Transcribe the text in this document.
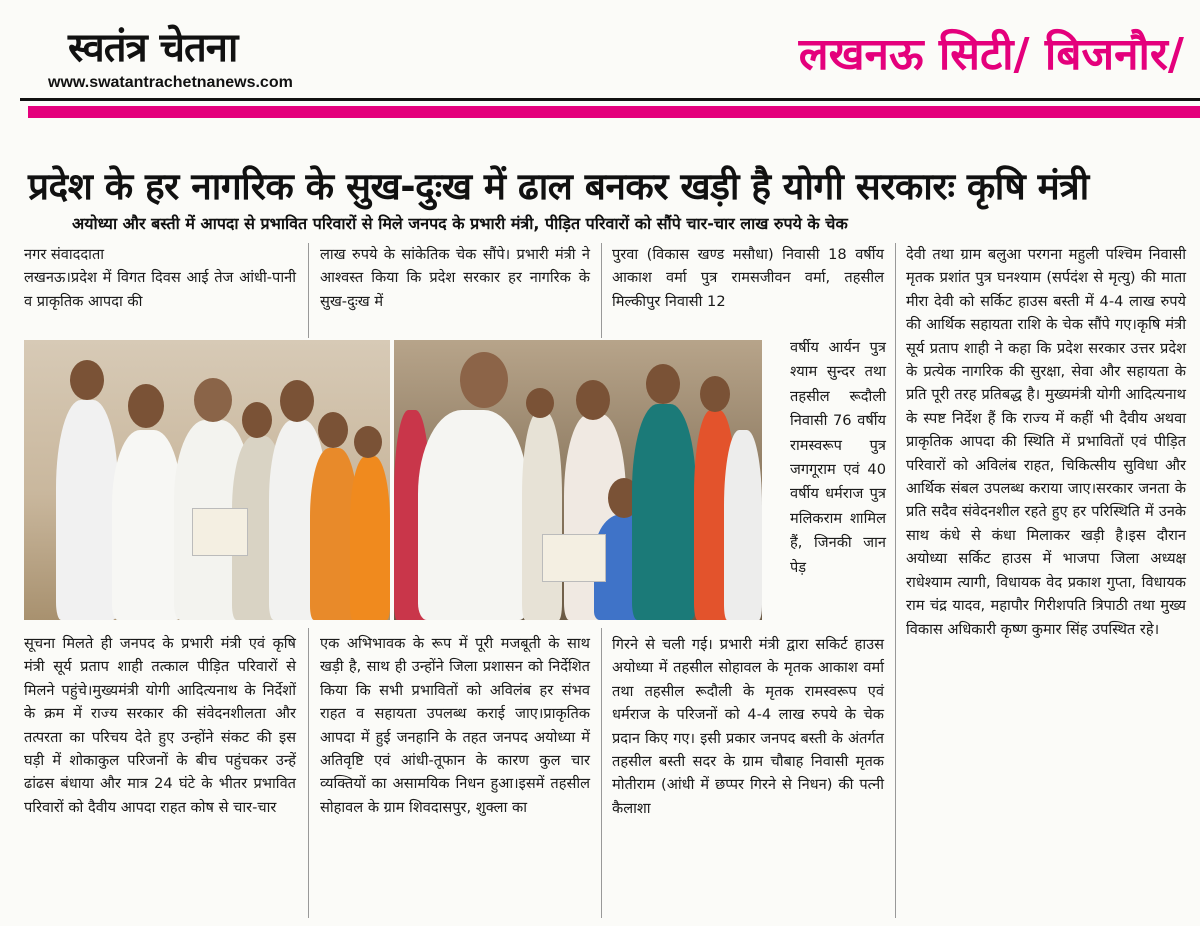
स्वतंत्र चेतना
www.swatantrachetnanews.com
लखनऊ सिटी/ बिजनौर/
प्रदेश के हर नागरिक के सुख-दुःख में ढाल बनकर खड़ी है योगी सरकारः कृषि मंत्री
अयोध्या और बस्ती में आपदा से प्रभावित परिवारों से मिले जनपद के प्रभारी मंत्री, पीड़ित परिवारों को सौंपे चार-चार लाख रुपये के चेक

नगर संवाददाता

लखनऊ।प्रदेश में विगत दिवस आई तेज आंधी-पानी व प्राकृतिक आपदा की

लाख रुपये के सांकेतिक चेक सौंपे। प्रभारी मंत्री ने आश्वस्त किया कि प्रदेश सरकार हर नागरिक के सुख-दुःख में

पुरवा (विकास खण्ड मसौधा) निवासी 18 वर्षीय आकाश वर्मा पुत्र रामसजीवन वर्मा, तहसील मिल्कीपुर निवासी 12

वर्षीय आर्यन पुत्र श्याम सुन्दर तथा तहसील रूदौली निवासी 76 वर्षीय रामस्वरूप पुत्र जगगूराम एवं 40 वर्षीय धर्मराज पुत्र मलिकराम शामिल हैं, जिनकी जान पेड़

देवी तथा ग्राम बलुआ परगना महुली पश्चिम निवासी मृतक प्रशांत पुत्र घनश्याम (सर्पदंश से मृत्यु) की माता मीरा देवी को सर्किट हाउस बस्ती में 4-4 लाख रुपये की आर्थिक सहायता राशि के चेक सौंपे गए।कृषि मंत्री सूर्य प्रताप शाही ने कहा कि प्रदेश सरकार उत्तर प्रदेश के प्रत्येक नागरिक की सुरक्षा, सेवा और सहायता के प्रति पूरी तरह प्रतिबद्ध है। मुख्यमंत्री योगी आदित्यनाथ के स्पष्ट निर्देश हैं कि राज्य में कहीं भी दैवीय अथवा प्राकृतिक आपदा की स्थिति में प्रभावितों एवं पीड़ित परिवारों को अविलंब राहत, चिकित्सीय सुविधा और आर्थिक संबल उपलब्ध कराया जाए।सरकार जनता के प्रति सदैव संवेदनशील रहते हुए हर परिस्थिति में उनके साथ कंधे से कंधा मिलाकर खड़ी है।इस दौरान अयोध्या सर्किट हाउस में भाजपा जिला अध्यक्ष राधेश्याम त्यागी, विधायक वेद प्रकाश गुप्ता, विधायक राम चंद्र यादव, महापौर गिरीशपति त्रिपाठी तथा मुख्य विकास अधिकारी कृष्ण कुमार सिंह उपस्थित रहे।

सूचना मिलते ही जनपद के प्रभारी मंत्री एवं कृषि मंत्री सूर्य प्रताप शाही तत्काल पीड़ित परिवारों से मिलने पहुंचे।मुख्यमंत्री योगी आदित्यनाथ के निर्देशों के क्रम में राज्य सरकार की संवेदनशीलता और तत्परता का परिचय देते हुए उन्होंने संकट की इस घड़ी में शोकाकुल परिजनों के बीच पहुंचकर उन्हें ढांढस बंधाया और मात्र 24 घंटे के भीतर प्रभावित परिवारों को दैवीय आपदा राहत कोष से चार-चार

एक अभिभावक के रूप में पूरी मजबूती के साथ खड़ी है, साथ ही उन्होंने जिला प्रशासन को निर्देशित किया कि सभी प्रभावितों को अविलंब हर संभव राहत व सहायता उपलब्ध कराई जाए।प्राकृतिक आपदा में हुई जनहानि के तहत जनपद अयोध्या में अतिवृष्टि एवं आंधी-तूफान के कारण कुल चार व्यक्तियों का असामयिक निधन हुआ।इसमें तहसील सोहावल के ग्राम शिवदासपुर, शुक्ला का

गिरने से चली गई। प्रभारी मंत्री द्वारा सकिर्ट हाउस अयोध्या में तहसील सोहावल के मृतक आकाश वर्मा तथा तहसील रूदौली के मृतक रामस्वरूप एवं धर्मराज के परिजनों को 4-4 लाख रुपये के चेक प्रदान किए गए। इसी प्रकार जनपद बस्ती के अंतर्गत तहसील बस्ती सदर के ग्राम चौबाह निवासी मृतक मोतीराम (आंधी में छप्पर गिरने से निधन) की पत्नी कैलाशा
